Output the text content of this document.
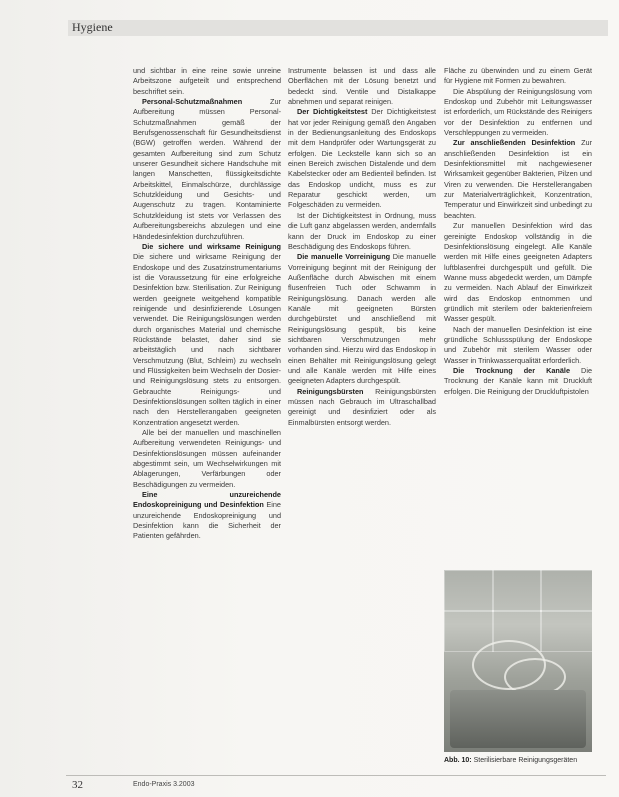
Hygiene

und sichtbar in eine reine sowie unreine Arbeitszone aufgeteilt und entsprechend beschriftet sein.

Personal-Schutzmaßnahmen	Zur Aufbereitung müssen Personal-Schutzmaßnahmen gemäß der Berufsgenossenschaft für Gesundheitsdienst (BGW) getroffen werden. Während der gesamten Aufbereitung sind zum Schutz unserer Gesundheit sichere Handschuhe mit langen Manschetten, flüssigkeitsdichte Arbeitskittel, Einmalschürze, durchlässige Schutzkleidung und Gesichts- und Augenschutz zu tragen. Kontaminierte Schutzkleidung ist stets vor Verlassen des Aufbereitungsbereichs abzulegen und eine Händedesinfektion durchzuführen.

Die sichere und wirksame Reinigung Die sichere und wirksame Reinigung der Endoskope und des Zusatzinstrumentariums ist die Voraussetzung für eine erfolgreiche Desinfektion bzw. Sterilisation. Zur Reinigung werden geeignete weitgehend kompatible reinigende und desinfizierende Lösungen verwendet. Die Reinigungslösungen werden durch organisches Material und chemische Rückstände belastet, daher sind sie arbeitstäglich und nach sichtbarer Verschmutzung (Blut, Schleim) zu wechseln und Flüssigkeiten beim Wechseln der Dosier- und Reinigungslösung stets zu entsorgen. Gebrauchte Reinigungs- und Desinfektionslösungen sollten täglich in einer nach den Herstellerangaben geeigneten Konzentration angesetzt werden.

Alle bei der manuellen und maschinellen Aufbereitung verwendeten Reinigungs- und Desinfektionslösungen müssen aufeinander abgestimmt sein, um Wechselwirkungen mit Ablagerungen, Verfärbungen oder Beschädigungen zu vermeiden.

Eine unzureichende Endoskopreinigung und Desinfektion Eine unzureichende Endoskopreinigung und Desinfektion kann die Sicherheit der Patienten gefährden.

Instrumente belassen ist und dass alle Oberflächen mit der Lösung benetzt und bedeckt sind. Ventile und Distalkappe abnehmen und separat reinigen.

Der Dichtigkeitstest Der Dichtigkeitstest hat vor jeder Reinigung gemäß den Angaben in der Bedienungsanleitung des Endoskops mit dem Handprüfer oder Wartungsgerät zu erfolgen. Die Leckstelle kann sich so an einen Bereich zwischen Distalende und dem Kabelstecker oder am Bedienteil befinden. Ist das Endoskop undicht, muss es zur Reparatur geschickt werden, um Folgeschäden zu vermeiden.

Ist der Dichtigkeitstest in Ordnung, muss die Luft ganz abgelassen werden, andernfalls kann der Druck im Endoskop zu einer Beschädigung des Endoskops führen.

Die manuelle Vorreinigung Die manuelle Vorreinigung beginnt mit der Reinigung der Außenfläche durch Abwischen mit einem flusenfreien Tuch oder Schwamm in Reinigungslösung. Danach werden alle Kanäle mit geeigneten Bürsten durchgebürstet und anschließend mit Reinigungslösung gespült, bis keine sichtbaren Verschmutzungen mehr vorhanden sind. Hierzu wird das Endoskop in einen Behälter mit Reinigungslösung gelegt und alle Kanäle werden mit Hilfe eines geeigneten Adapters durchgespült.

Reinigungsbürsten Reinigungsbürsten müssen nach Gebrauch im Ultraschallbad gereinigt und desinfiziert oder als Einmalbürsten entsorgt werden.

Fläche zu überwinden und zu einem Gerät für Hygiene mit Formen zu bewahren.

Die Abspülung der Reinigungslösung vom Endoskop und Zubehör mit Leitungswasser ist erforderlich, um Rückstände des Reinigers vor der Desinfektion zu entfernen und Verschleppungen zu vermeiden.

Zur anschließenden Desinfektion Zur anschließenden Desinfektion ist ein Desinfektionsmittel mit nachgewiesener Wirksamkeit gegenüber Bakterien, Pilzen und Viren zu verwenden. Die Herstellerangaben zur Materialverträglichkeit, Konzentration, Temperatur und Einwirkzeit sind unbedingt zu beachten.

Zur manuellen Desinfektion wird das gereinigte Endoskop vollständig in die Desinfektionslösung eingelegt. Alle Kanäle werden mit Hilfe eines geeigneten Adapters luftblasenfrei durchgespült und gefüllt. Die Wanne muss abgedeckt werden, um Dämpfe zu vermeiden. Nach Ablauf der Einwirkzeit wird das Endoskop entnommen und gründlich mit sterilem oder bakterienfreiem Wasser gespült.

Nach der manuellen Desinfektion ist eine gründliche Schlussspülung der Endoskope und Zubehör mit sterilem Wasser oder Wasser in Trinkwasserqualität erforderlich.

Die Trocknung der Kanäle Die Trocknung der Kanäle kann mit Druckluft erfolgen. Die Reinigung der Druckluftpistolen

Abb. 10: Sterilisierbare Reinigungsgeräten
32	Endo-Praxis 3.2003
